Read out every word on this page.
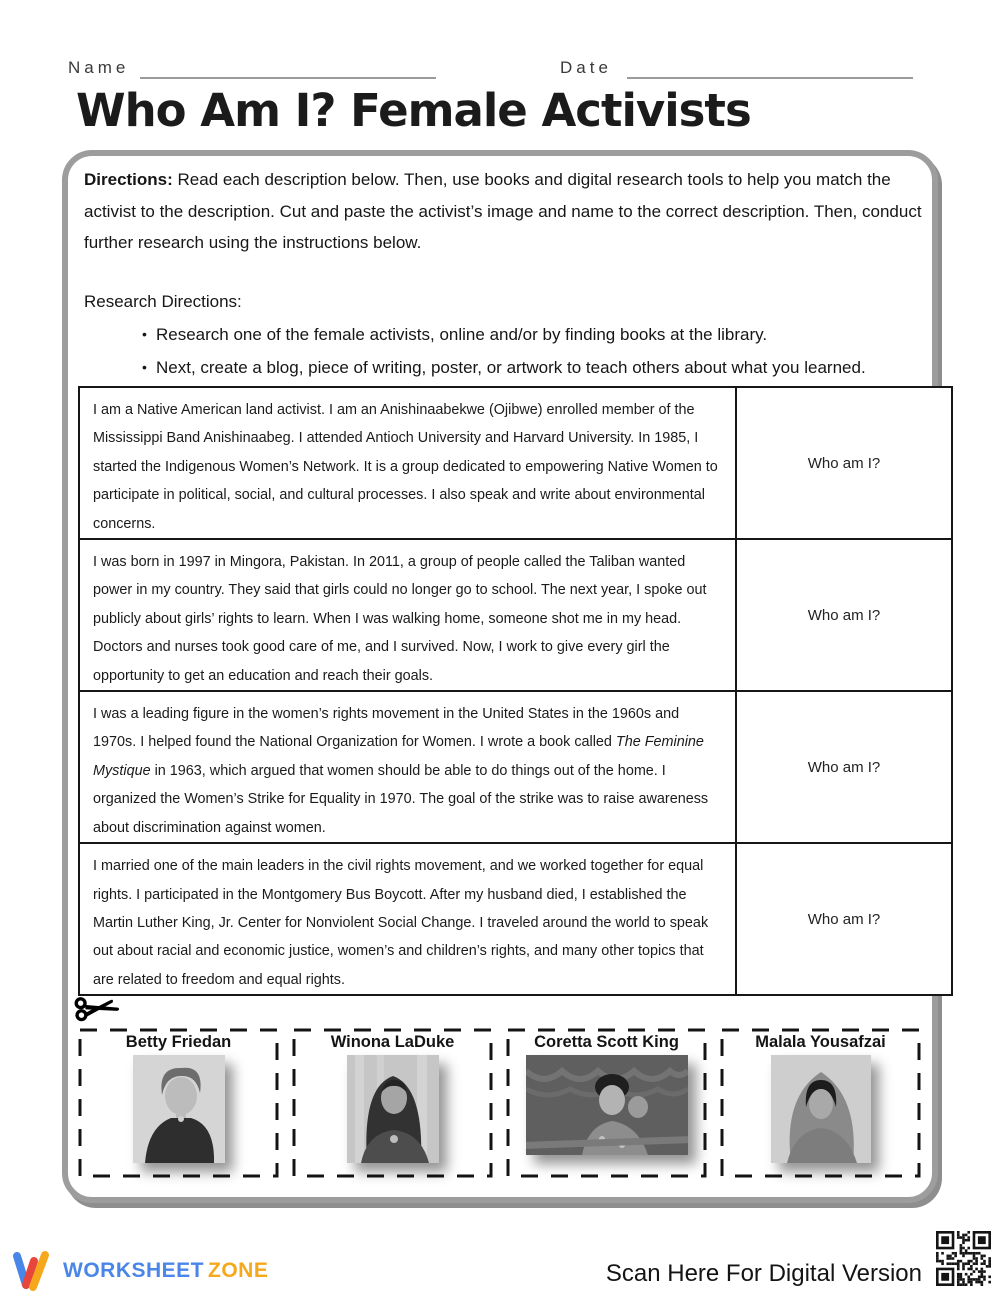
Name	Date
Who Am I? Female Activists
Directions: Read each description below. Then, use books and digital research tools to help you match the activist to the description. Cut and paste the activist’s image and name to the correct description. Then, conduct further research using the instructions below.
Research Directions:
• Research one of the female activists, online and/or by finding books at the library.
• Next, create a blog, piece of writing, poster, or artwork to teach others about what you learned.
I am a Native American land activist. I am an Anishinaabekwe (Ojibwe) enrolled member of the Mississippi Band Anishinaabeg. I attended Antioch University and Harvard University. In 1985, I started the Indigenous Women’s Network. It is a group dedicated to empowering Native Women to participate in political, social, and cultural processes. I also speak and write about environmental concerns.	Who am I?
I was born in 1997 in Mingora, Pakistan. In 2011, a group of people called the Taliban wanted power in my country. They said that girls could no longer go to school. The next year, I spoke out publicly about girls’ rights to learn. When I was walking home, someone shot me in my head. Doctors and nurses took good care of me, and I survived. Now, I work to give every girl the opportunity to get an education and reach their goals.	Who am I?
I was a leading figure in the women’s rights movement in the United States in the 1960s and 1970s. I helped found the National Organization for Women. I wrote a book called The Feminine Mystique in 1963, which argued that women should be able to do things out of the home. I organized the Women’s Strike for Equality in 1970. The goal of the strike was to raise awareness about discrimination against women.	Who am I?
I married one of the main leaders in the civil rights movement, and we worked together for equal rights. I participated in the Montgomery Bus Boycott. After my husband died, I established the Martin Luther King, Jr. Center for Nonviolent Social Change. I traveled around the world to speak out about racial and economic justice, women’s and children’s rights, and many other topics that are related to freedom and equal rights.	Who am I?
Betty Friedan	Winona LaDuke	Coretta Scott King	Malala Yousafzai
WORKSHEET ZONE	Scan Here For Digital Version
